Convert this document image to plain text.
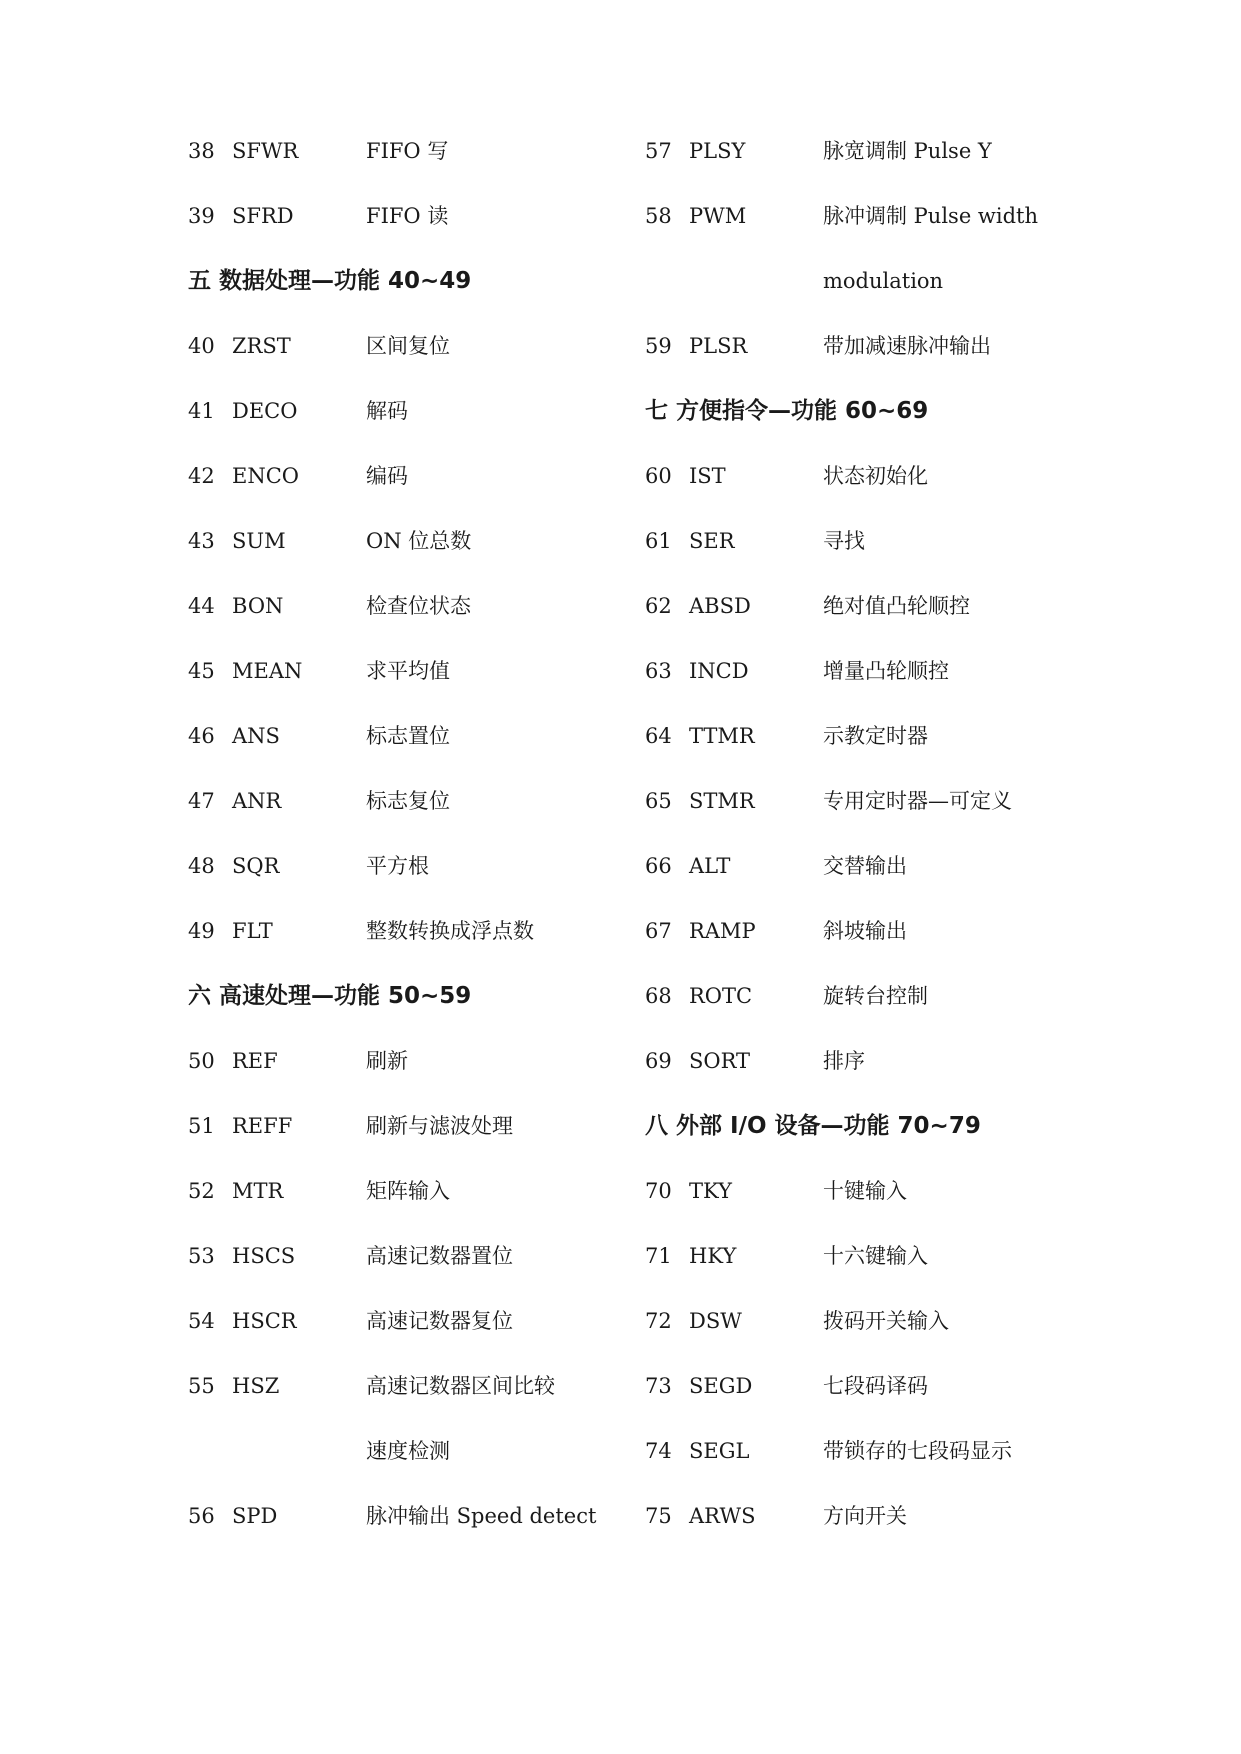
38 SFWR	FIFO 写
39 SFRD	FIFO 读
五 数据处理—功能 40~49
40 ZRST	区间复位
41 DECO	解码
42 ENCO	编码
43 SUM	ON 位总数
44 BON	检查位状态
45 MEAN	求平均值
46 ANS	标志置位
47 ANR	标志复位
48 SQR	平方根
49 FLT	整数转换成浮点数
六 高速处理—功能 50~59
50 REF	刷新
51 REFF	刷新与滤波处理
52 MTR	矩阵输入
53 HSCS	高速记数器置位
54 HSCR	高速记数器复位
55 HSZ	高速记数器区间比较
速度检测
56 SPD	脉冲输出 Speed detect
57 PLSY	脉宽调制 Pulse Y
58 PWM	脉冲调制 Pulse width
modulation
59 PLSR	带加减速脉冲输出
七 方便指令—功能 60~69
60 IST	状态初始化
61 SER	寻找
62 ABSD	绝对值凸轮顺控
63 INCD	增量凸轮顺控
64 TTMR	示教定时器
65 STMR	专用定时器—可定义
66 ALT	交替输出
67 RAMP	斜坡输出
68 ROTC	旋转台控制
69 SORT	排序
八 外部 I/O 设备—功能 70~79
70 TKY	十键输入
71 HKY	十六键输入
72 DSW	拨码开关输入
73 SEGD	七段码译码
74 SEGL	带锁存的七段码显示
75 ARWS	方向开关
